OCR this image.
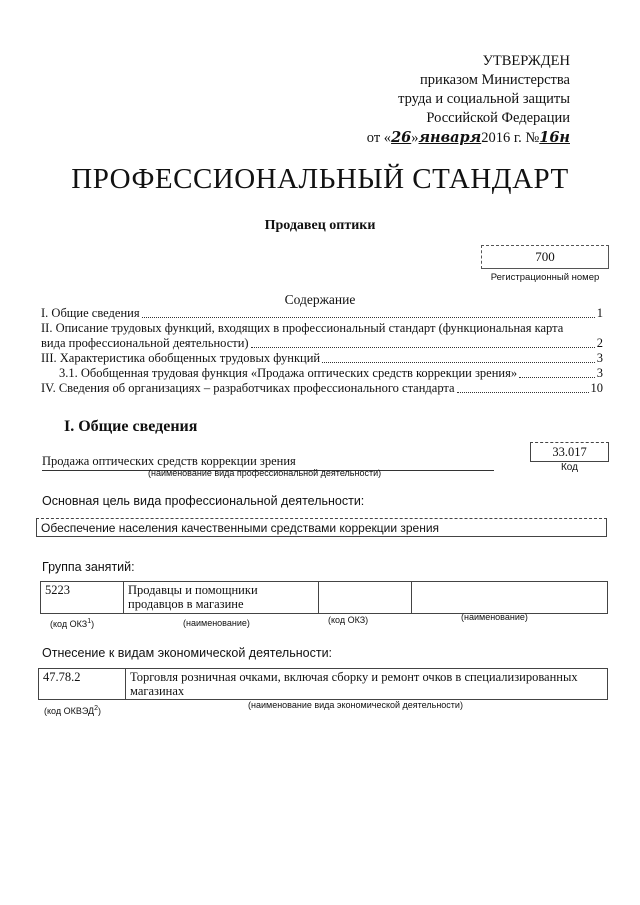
УТВЕРЖДЕН
приказом Министерства
труда и социальной защиты
Российской Федерации
от «26»января2016 г. №16н
ПРОФЕССИОНАЛЬНЫЙ СТАНДАРТ
Продавец оптики
700
Регистрационный номер
Содержание
I. Общие сведения	1
II. Описание трудовых функций, входящих в профессиональный стандарт (функциональная карта
вида профессиональной деятельности)	2
III. Характеристика обобщенных трудовых функций	3
3.1. Обобщенная трудовая функция «Продажа оптических средств коррекции зрения»	3
IV. Сведения об организациях – разработчиках профессионального стандарта	10
I. Общие сведения
Продажа оптических средств коррекции зрения
(наименование вида профессиональной деятельности)
33.017
Код
Основная цель вида профессиональной деятельности:
Обеспечение населения качественными средствами коррекции зрения
Группа занятий:
5223	Продавцы и помощники продавцов в магазине		
(код ОКЗ$^1$)	(наименование)	(код ОКЗ)	(наименование)
Отнесение к видам экономической деятельности:
47.78.2	Торговля розничная очками, включая сборку и ремонт очков в специализированных магазинах
(код ОКВЭД$^2$)
(наименование вида экономической деятельности)
